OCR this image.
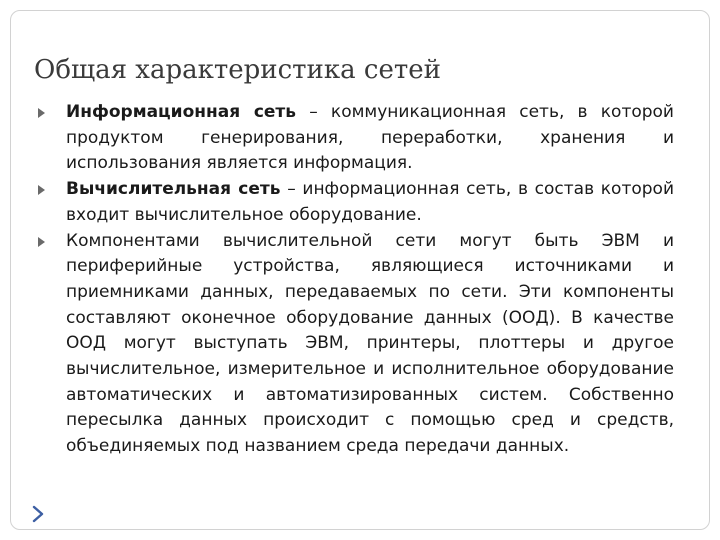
Общая характеристика сетей
Информационная сеть – коммуникационная сеть, в которой продуктом генерирования, переработки, хранения и использования является информация.
Вычислительная сеть – информационная сеть, в состав которой входит вычислительное оборудование.
Компонентами вычислительной сети могут быть ЭВМ и периферийные устройства, являющиеся источниками и приемниками данных, передаваемых по сети. Эти компоненты составляют оконечное оборудование данных (ООД). В качестве ООД могут выступать ЭВМ, принтеры, плоттеры и другое вычислительное, измерительное и исполнительное оборудование автоматических и автоматизированных систем. Собственно пересылка данных происходит с помощью сред и средств, объединяемых под названием среда передачи данных.
